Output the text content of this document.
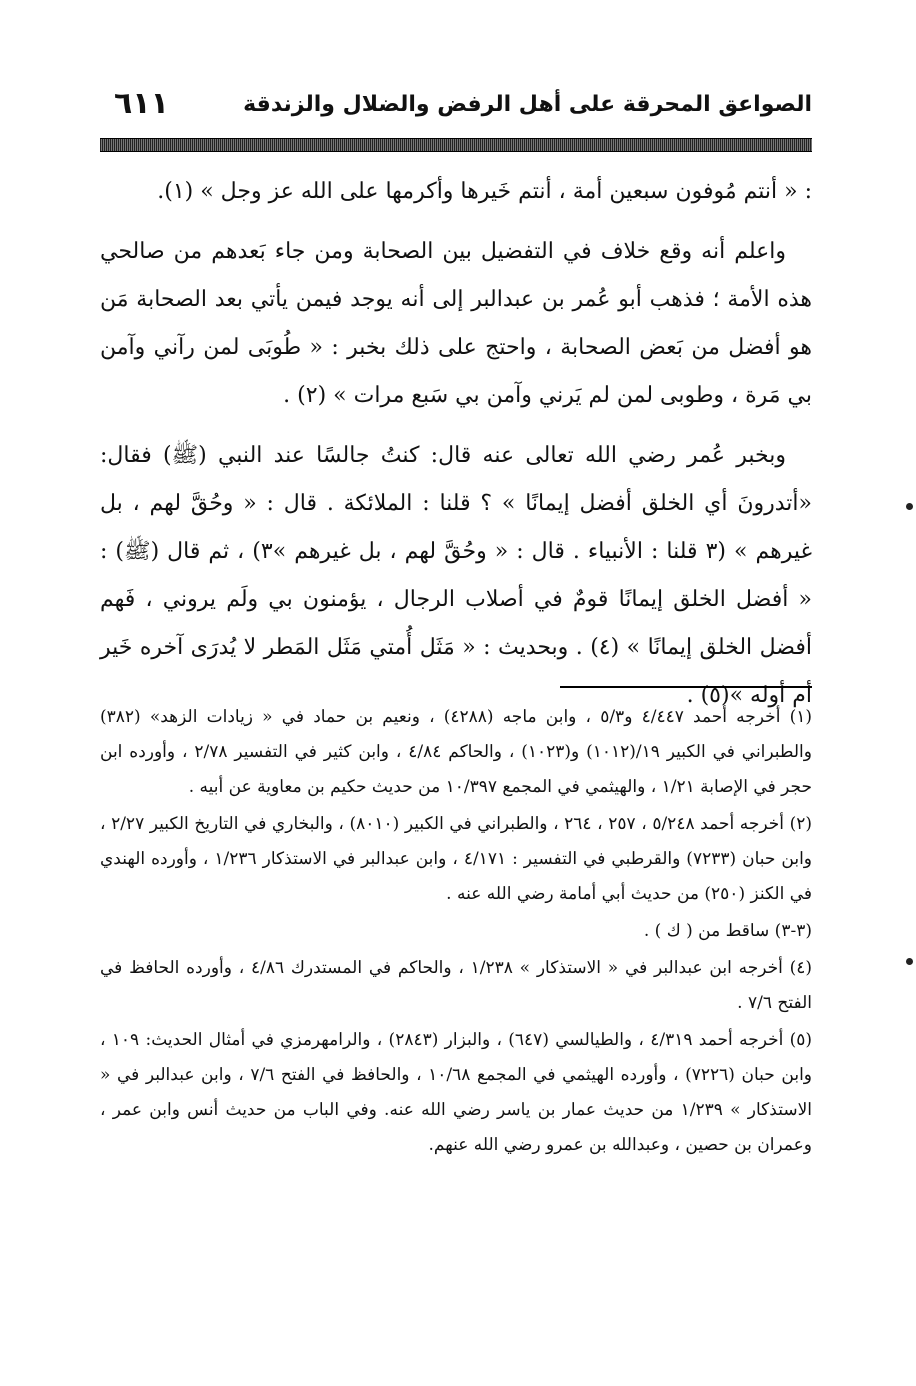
الصواعق المحرقة على أهل الرفض والضلال والزندقة
٦١١

: « أنتم مُوفون سبعين أمة ، أنتم خَيرها وأكرمها على الله عز وجل » (١).

واعلم أنه وقع خلاف في التفضيل بين الصحابة ومن جاء بَعدهم من صالحي هذه الأمة ؛ فذهب أبو عُمر بن عبدالبر إلى أنه يوجد فيمن يأتي بعد الصحابة مَن هو أفضل من بَعض الصحابة ، واحتج على ذلك بخبر : « طُوبَى لمن رآني وآمن بي مَرة ، وطوبى لمن لم يَرني وآمن بي سَبع مرات » (٢) .

وبخبر عُمر رضي الله تعالى عنه قال: كنتُ جالسًا عند النبي (ﷺ) فقال: «أتدرونَ أي الخلق أفضل إيمانًا » ؟ قلنا : الملائكة . قال : « وحُقَّ لهم ، بل غيرهم » (٣ قلنا : الأنبياء . قال : « وحُقَّ لهم ، بل غيرهم »٣) ، ثم قال (ﷺ) : « أفضل الخلق إيمانًا قومٌ في أصلاب الرجال ، يؤمنون بي ولَم يروني ، فَهم أفضل الخلق إيمانًا » (٤) . وبحديث : « مَثَل أُمتي مَثَل المَطر لا يُدرَى آخره خَير أم أوله »(٥) .

(١) أخرجه أحمد ٤/٤٤٧ و٥/٣ ، وابن ماجه (٤٢٨٨) ، ونعيم بن حماد في « زيادات الزهد» (٣٨٢) والطبراني في الكبير ١٩/(١٠١٢) و(١٠٢٣) ، والحاكم ٤/٨٤ ، وابن كثير في التفسير ٢/٧٨ ، وأورده ابن حجر في الإصابة ١/٢١ ، والهيثمي في المجمع ١٠/٣٩٧ من حديث حكيم بن معاوية عن أبيه .

(٢) أخرجه أحمد ٥/٢٤٨ ، ٢٥٧ ، ٢٦٤ ، والطبراني في الكبير (٨٠١٠) ، والبخاري في التاريخ الكبير ٢/٢٧ ، وابن حبان (٧٢٣٣) والقرطبي في التفسير : ٤/١٧١ ، وابن عبدالبر في الاستذكار ١/٢٣٦ ، وأورده الهندي في الكنز (٢٥٠) من حديث أبي أمامة رضي الله عنه .

(٣-٣) ساقط من ( ك ) .

(٤) أخرجه ابن عبدالبر في « الاستذكار » ١/٢٣٨ ، والحاكم في المستدرك ٤/٨٦ ، وأورده الحافظ في الفتح ٧/٦ .

(٥) أخرجه أحمد ٤/٣١٩ ، والطيالسي (٦٤٧) ، والبزار (٢٨٤٣) ، والرامهرمزي في أمثال الحديث: ١٠٩ ، وابن حبان (٧٢٢٦) ، وأورده الهيثمي في المجمع ١٠/٦٨ ، والحافظ في الفتح ٧/٦ ، وابن عبدالبر في « الاستذكار » ١/٢٣٩ من حديث عمار بن ياسر رضي الله عنه. وفي الباب من حديث أنس وابن عمر ، وعمران بن حصين ، وعبدالله بن عمرو رضي الله عنهم.
